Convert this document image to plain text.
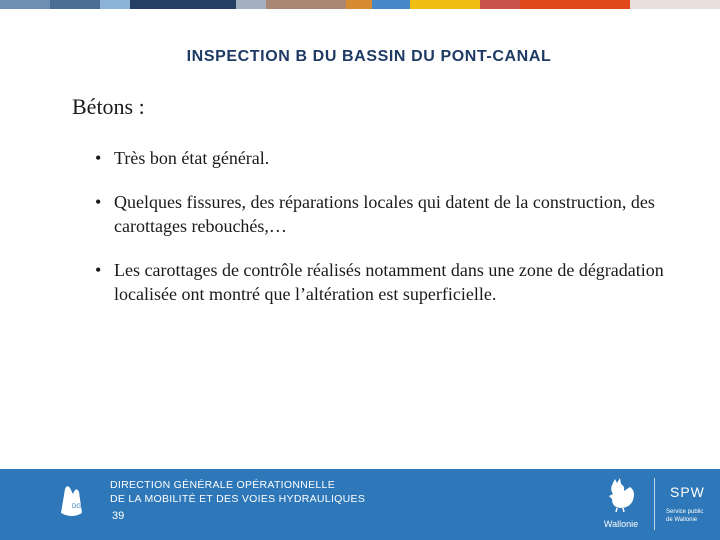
INSPECTION B DU BASSIN DU PONT-CANAL
Bétons :
• Très bon état général.
• Quelques fissures, des réparations locales qui datent de la construction, des carottages rebouchés,…
• Les carottages de contrôle réalisés notamment dans une zone de dégradation localisée ont montré que l’altération est superficielle.
DGO2
DIRECTION GÉNÉRALE OPÉRATIONNELLE
DE LA MOBILITÉ ET DES VOIES HYDRAULIQUES
39
Wallonie
SPW
Service public
de Wallonie
